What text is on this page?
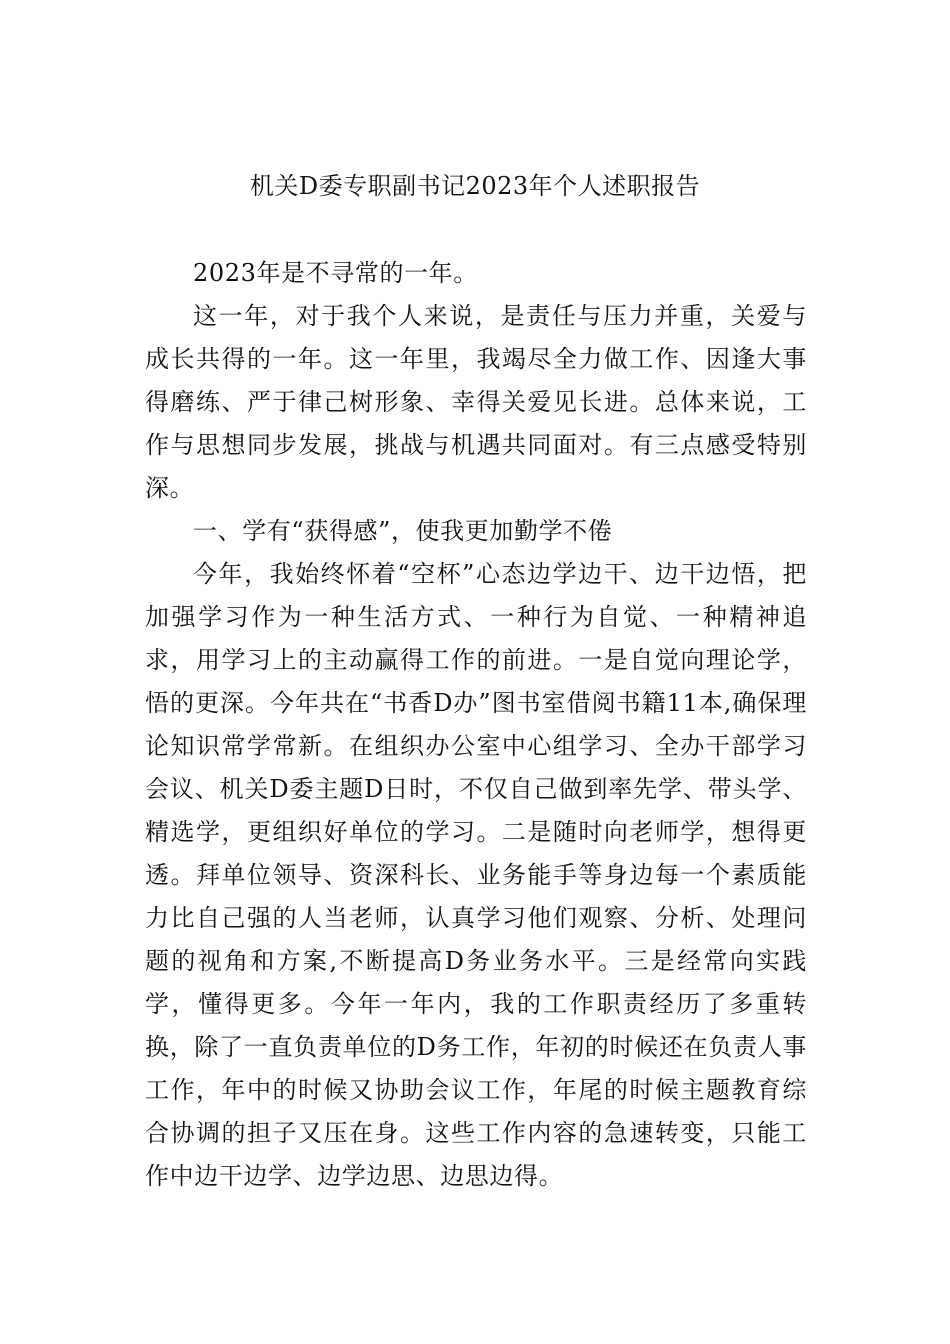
机关D委专职副书记2023年个人述职报告

2023年是不寻常的一年。

这一年，对于我个人来说，是责任与压力并重，关爱与成长共得的一年。这一年里，我竭尽全力做工作、因逢大事得磨练、严于律己树形象、幸得关爱见长进。总体来说，工作与思想同步发展，挑战与机遇共同面对。有三点感受特别深。

一、学有“获得感”，使我更加勤学不倦

今年，我始终怀着“空杯”心态边学边干、边干边悟，把加强学习作为一种生活方式、一种行为自觉、一种精神追求，用学习上的主动赢得工作的前进。一是自觉向理论学，悟的更深。今年共在“书香D办”图书室借阅书籍11本,确保理论知识常学常新。在组织办公室中心组学习、全办干部学习会议、机关D委主题D日时，不仅自己做到率先学、带头学、精选学，更组织好单位的学习。二是随时向老师学，想得更透。拜单位领导、资深科长、业务能手等身边每一个素质能力比自己强的人当老师，认真学习他们观察、分析、处理问题的视角和方案,不断提高D务业务水平。三是经常向实践学，懂得更多。今年一年内，我的工作职责经历了多重转换，除了一直负责单位的D务工作，年初的时候还在负责人事工作，年中的时候又协助会议工作，年尾的时候主题教育综合协调的担子又压在身。这些工作内容的急速转变，只能工作中边干边学、边学边思、边思边得。
